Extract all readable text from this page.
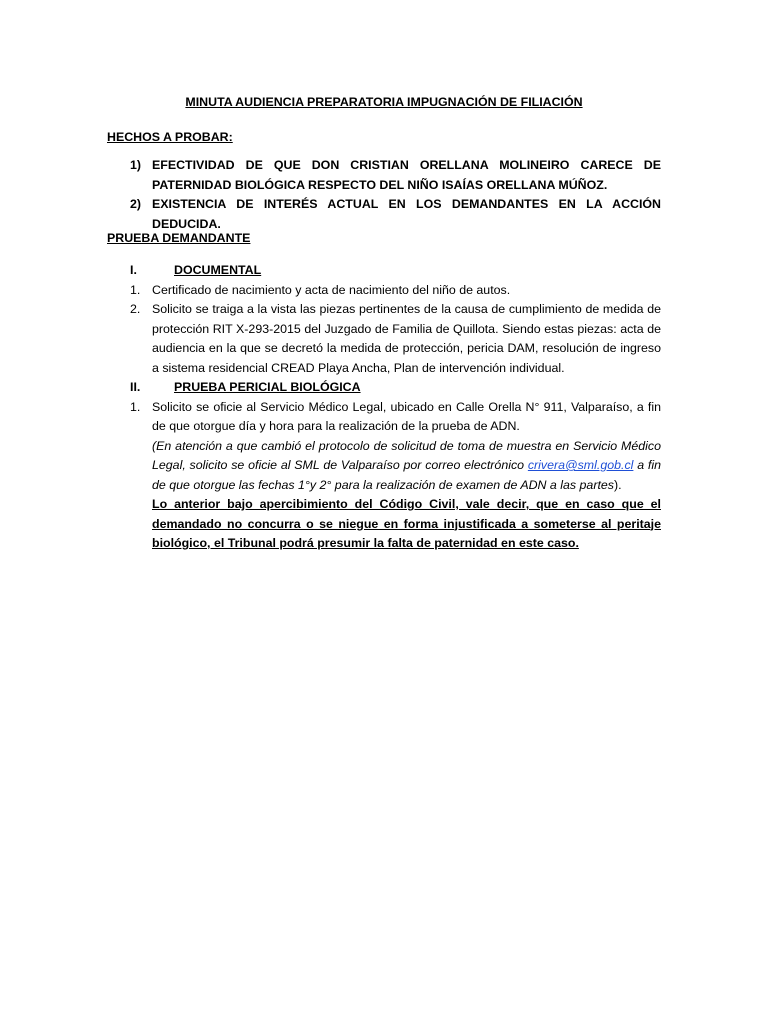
MINUTA AUDIENCIA PREPARATORIA IMPUGNACIÓN DE FILIACIÓN
HECHOS A PROBAR:
1) EFECTIVIDAD DE QUE DON CRISTIAN ORELLANA MOLINEIRO CARECE DE PATERNIDAD BIOLÓGICA RESPECTO DEL NIÑO ISAÍAS ORELLANA MÚÑOZ.
2) EXISTENCIA DE INTERÉS ACTUAL EN LOS DEMANDANTES EN LA ACCIÓN DEDUCIDA.
PRUEBA DEMANDANTE
I.	DOCUMENTAL
1. Certificado de nacimiento y acta de nacimiento del niño de autos.
2. Solicito se traiga a la vista las piezas pertinentes de la causa de cumplimiento de medida de protección RIT X-293-2015 del Juzgado de Familia de Quillota. Siendo estas piezas: acta de audiencia en la que se decretó la medida de protección, pericia DAM, resolución de ingreso a sistema residencial CREAD Playa Ancha, Plan de intervención individual.
II.	PRUEBA PERICIAL BIOLÓGICA
1. Solicito se oficie al Servicio Médico Legal, ubicado en Calle Orella N° 911, Valparaíso, a fin de que otorgue día y hora para la realización de la prueba de ADN.
(En atención a que cambió el protocolo de solicitud de toma de muestra en Servicio Médico Legal, solicito se oficie al SML de Valparaíso por correo electrónico crivera@sml.gob.cl a fin de que otorgue las fechas 1°y 2° para la realización de examen de ADN a las partes).
Lo anterior bajo apercibimiento del Código Civil, vale decir, que en caso que el demandado no concurra o se niegue en forma injustificada a someterse al peritaje biológico, el Tribunal podrá presumir la falta de paternidad en este caso.
